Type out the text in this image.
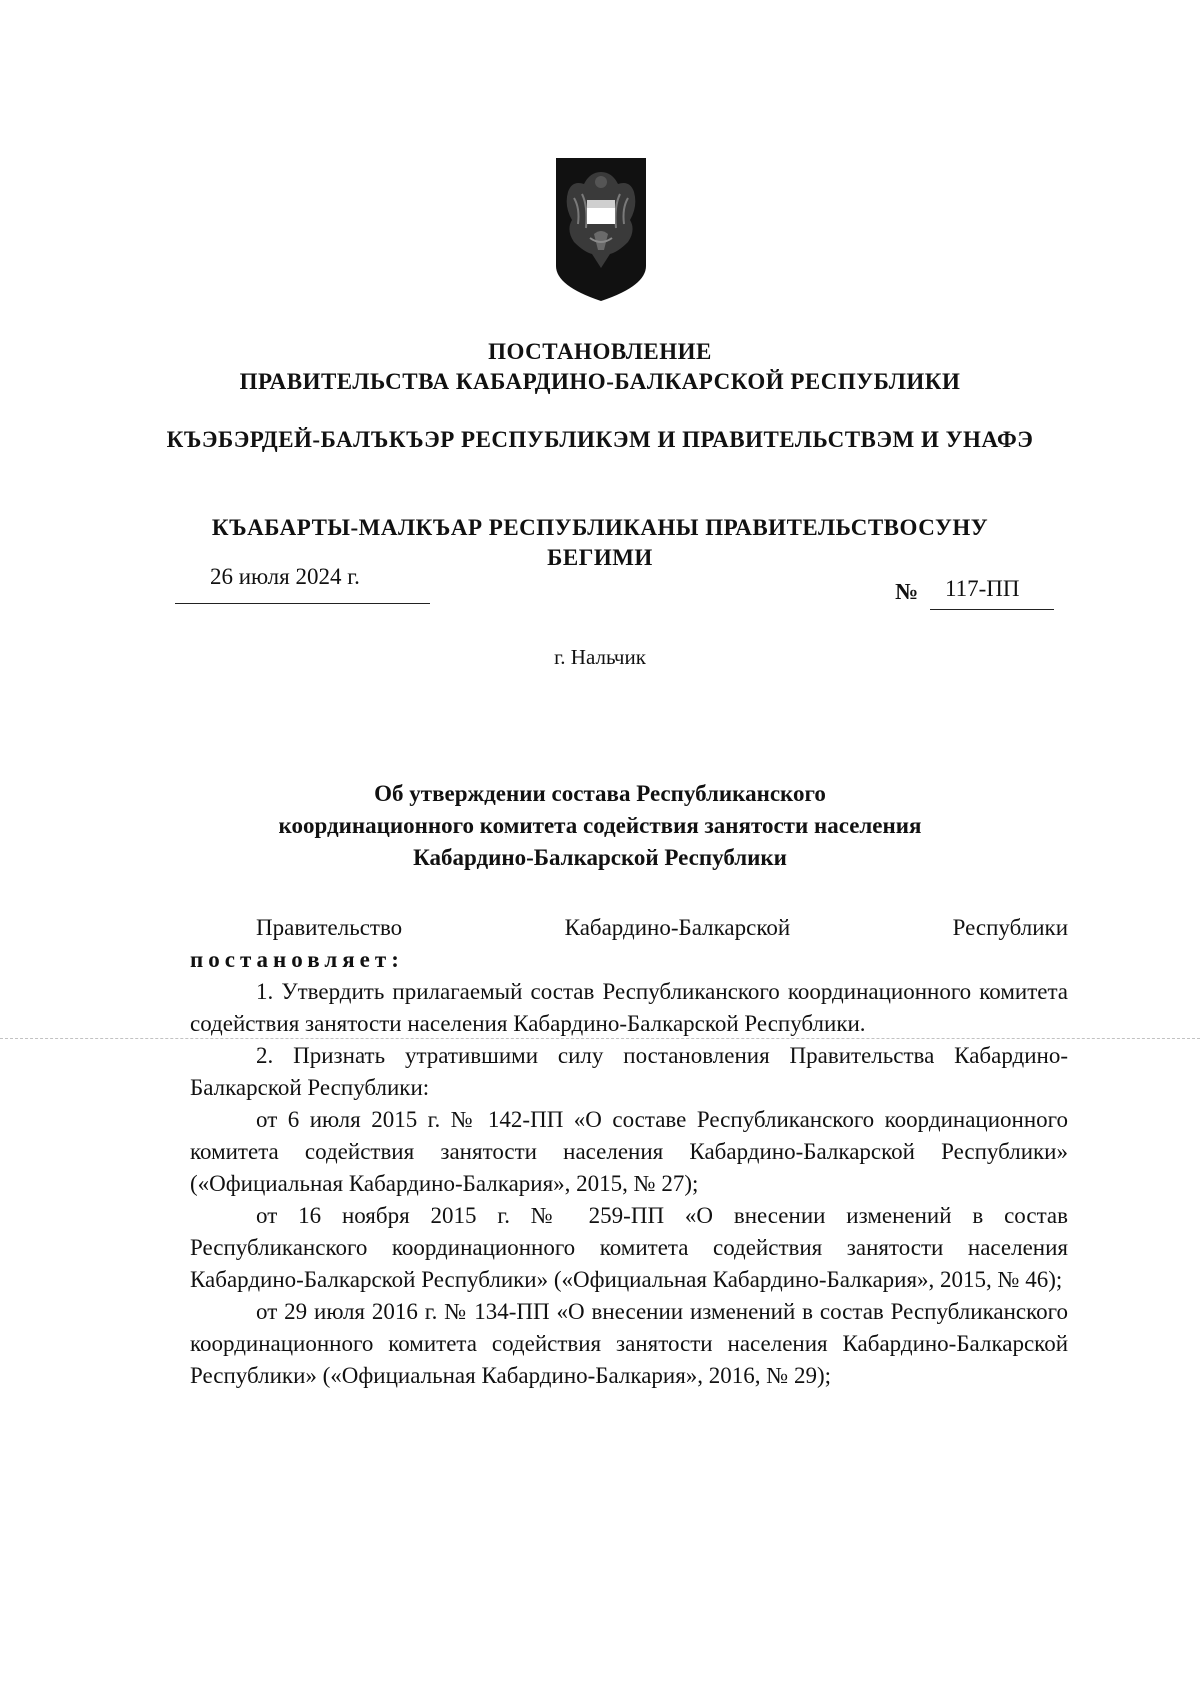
ПОСТАНОВЛЕНИЕ
ПРАВИТЕЛЬСТВА КАБАРДИНО-БАЛКАРСКОЙ РЕСПУБЛИКИ
КЪЭБЭРДЕЙ-БАЛЪКЪЭР РЕСПУБЛИКЭМ И ПРАВИТЕЛЬСТВЭМ И УНАФЭ
КЪАБАРТЫ-МАЛКЪАР РЕСПУБЛИКАНЫ ПРАВИТЕЛЬСТВОСУНУ БЕГИМИ
26 июля 2024 г.
№ 117-ПП
г. Нальчик
Об утверждении состава Республиканского
координационного комитета содействия занятости населения
Кабардино-Балкарской Республики

Правительство Кабардино-Балкарской Республики

постановляет:

1. Утвердить прилагаемый состав Республиканского координационного комитета содействия занятости населения Кабардино-Балкарской Республики.

2. Признать утратившими силу постановления Правительства Кабардино-Балкарской Республики:

от 6 июля 2015 г. № 142-ПП «О составе Республиканского координационного комитета содействия занятости населения Кабардино-Балкарской Республики» («Официальная Кабардино-Балкария», 2015, № 27);

от 16 ноября 2015 г. № 259-ПП «О внесении изменений в состав Республиканского координационного комитета содействия занятости населения Кабардино-Балкарской Республики» («Официальная Кабардино-Балкария», 2015, № 46);

от 29 июля 2016 г. № 134-ПП «О внесении изменений в состав Республиканского координационного комитета содействия занятости населения Кабардино-Балкарской Республики» («Официальная Кабардино-Балкария», 2016, № 29);
